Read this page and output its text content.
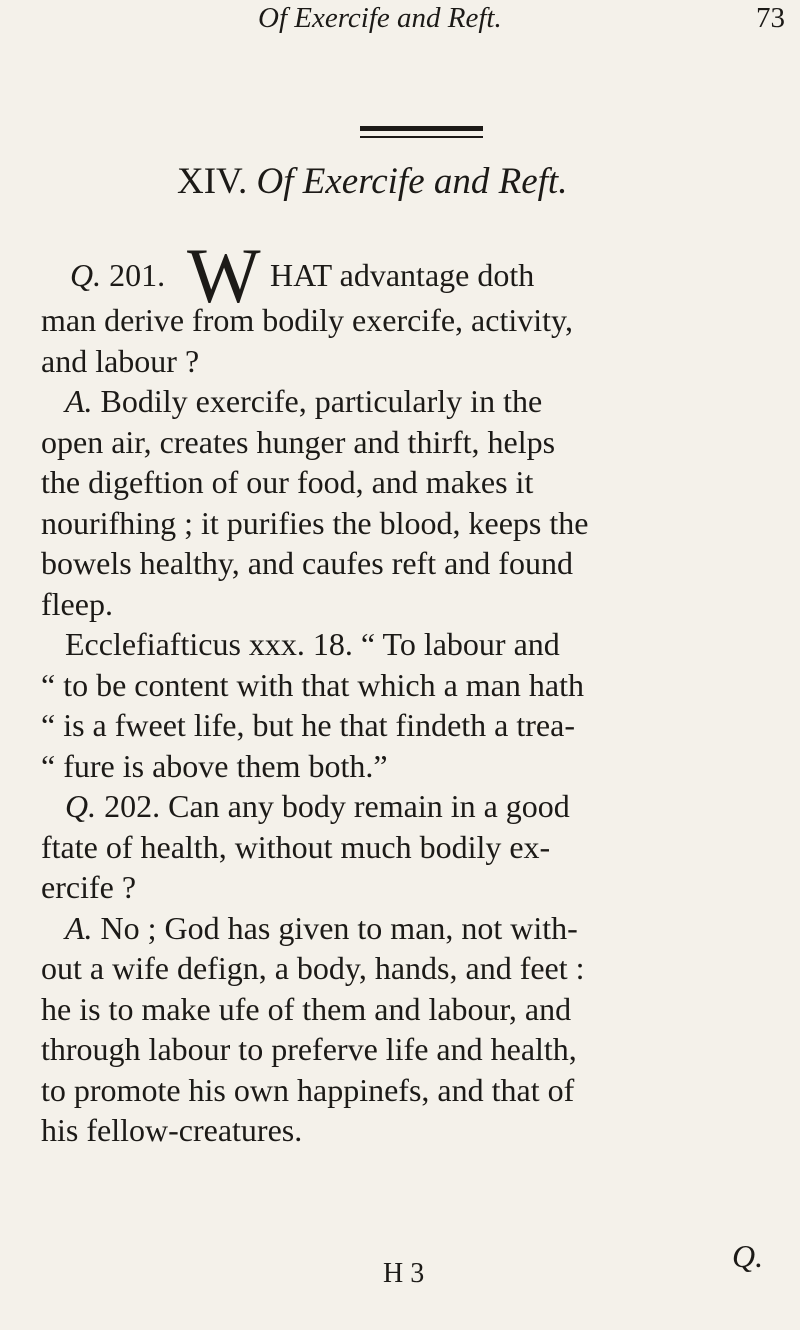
Of Exercife and Reft.	73
XIV. Of Exercife and Reft.
Q. 201. W HAT advantage doth
man derive from bodily exercife, activity,
and labour ?
A. Bodily exercife, particularly in the
open air, creates hunger and thirft, helps
the digeftion of our food, and makes it
nourifhing ; it purifies the blood, keeps the
bowels healthy, and caufes reft and found
fleep.
Ecclefiafticus xxx. 18. “ To labour and
“ to be content with that which a man hath
“ is a fweet life, but he that findeth a trea-
“ fure is above them both.”
Q. 202. Can any body remain in a good
ftate of health, without much bodily ex-
ercife ?
A. No ; God has given to man, not with-
out a wife defign, a body, hands, and feet :
he is to make ufe of them and labour, and
through labour to preferve life and health,
to promote his own happinefs, and that of
his fellow-creatures.
Q.
H 3
